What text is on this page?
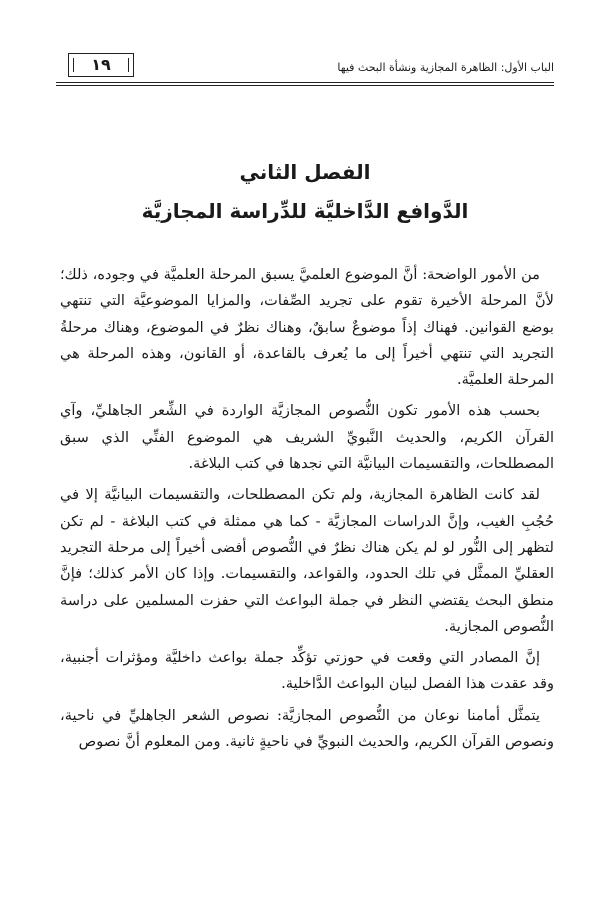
١٩	الباب الأول: الظاهرة المجازية ونشأة البحث فيها
الفصل الثاني
الدَّوافع الدَّاخليَّة للدِّراسة المجازيَّة

من الأمور الواضحة: أنَّ الموضوع العلميَّ يسبق المرحلة العلميَّة في وجوده، ذلك؛ لأنَّ المرحلة الأخيرة تقوم على تجريد الصِّفات، والمزايا الموضوعيَّة التي تنتهي بوضع القوانين. فهناك إذاً موضوعٌ سابقٌ، وهناك نظرٌ في الموضوع، وهناك مرحلةُ التجريد التي تنتهي أخيراً إلى ما يُعرف بالقاعدة، أو القانون، وهذه المرحلة هي المرحلة العلميَّة.

بحسب هذه الأمور تكون النُّصوص المجازيَّة الواردة في الشِّعر الجاهليِّ، وآي القرآن الكريم، والحديث النَّبويِّ الشريف هي الموضوع الفنِّي الذي سبق المصطلحات، والتقسيمات البيانيَّة التي نجدها في كتب البلاغة.

لقد كانت الظاهرة المجازية، ولم تكن المصطلحات، والتقسيمات البيانيَّة إلا في حُجُبِ الغيب، وإنَّ الدراسات المجازيَّة - كما هي ممثلة في كتب البلاغة - لم تكن لتظهر إلى النُّور لو لم يكن هناك نظرٌ في النُّصوص أفضى أخيراً إلى مرحلة التجريد العقليِّ الممثَّل في تلك الحدود، والقواعد، والتقسيمات. وإذا كان الأمر كذلك؛ فإنَّ منطق البحث يقتضي النظر في جملة البواعث التي حفزت المسلمين على دراسة النُّصوص المجازية.

إنَّ المصادر التي وقعت في حوزتي تؤكِّد جملة بواعث داخليَّة ومؤثرات أجنبية، وقد عقدت هذا الفصل لبيان البواعث الدَّاخلية.

يتمثَّل أمامنا نوعان من النُّصوص المجازيَّة: نصوص الشعر الجاهليِّ في ناحية، ونصوص القرآن الكريم، والحديث النبويِّ في ناحيةٍ ثانية. ومن المعلوم أنَّ نصوص
